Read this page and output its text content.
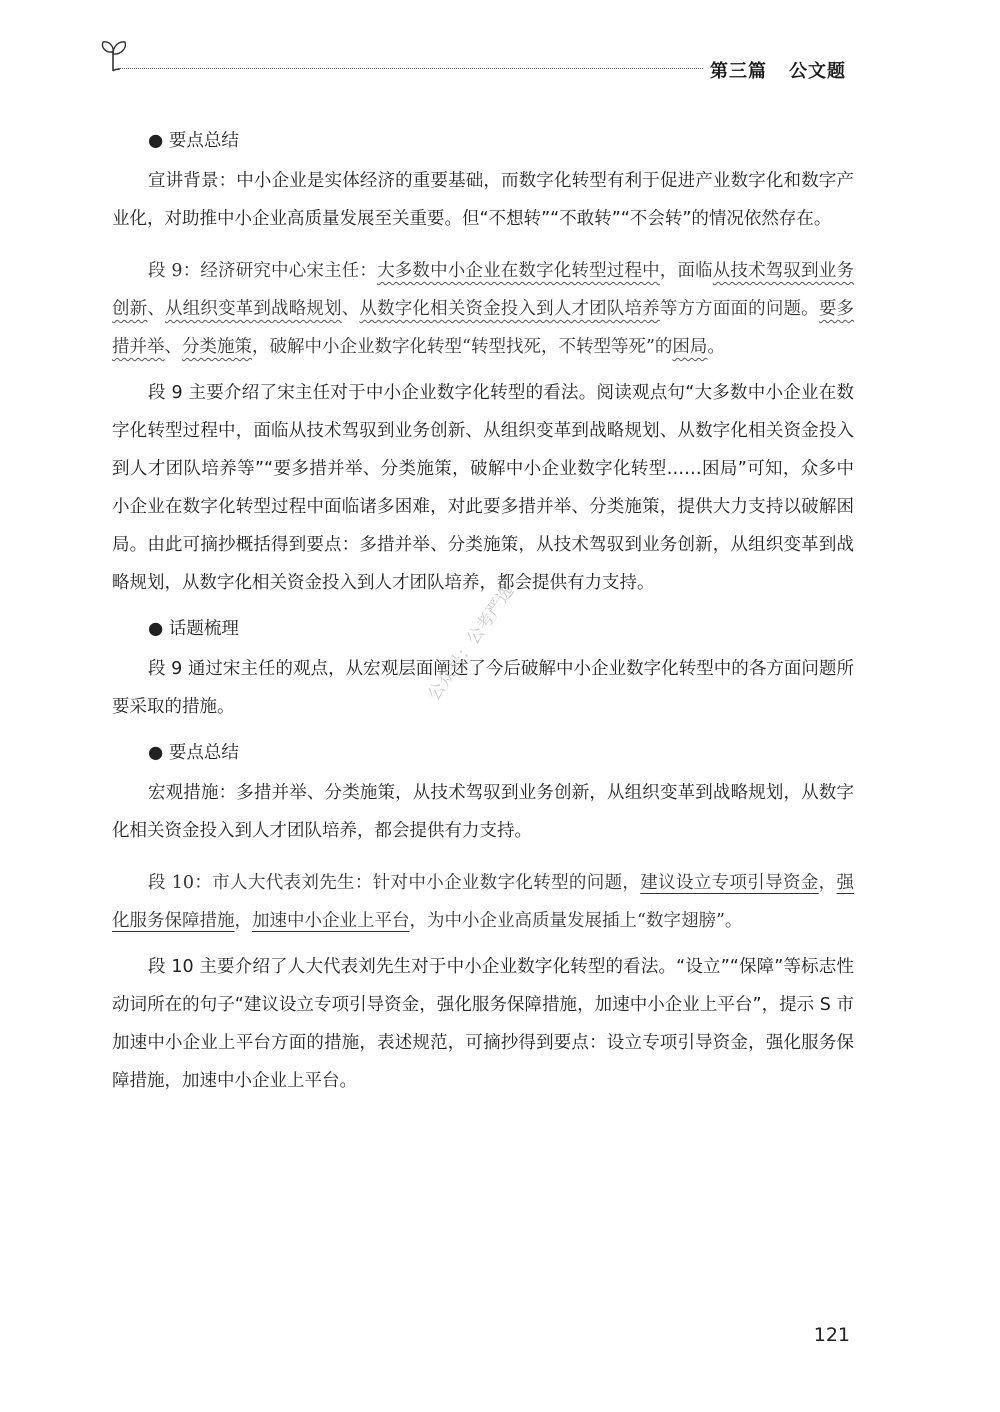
第三篇 公文题

● 要点总结

宣讲背景：中小企业是实体经济的重要基础，而数字化转型有利于促进产业数字化和数字产业化，对助推中小企业高质量发展至关重要。但“不想转”“不敢转”“不会转”的情况依然存在。

段 9：经济研究中心宋主任：大多数中小企业在数字化转型过程中，面临从技术驾驭到业务创新、从组织变革到战略规划、从数字化相关资金投入到人才团队培养等方方面面的问题。要多措并举、分类施策，破解中小企业数字化转型“转型找死，不转型等死”的困局。

段 9 主要介绍了宋主任对于中小企业数字化转型的看法。阅读观点句“大多数中小企业在数字化转型过程中，面临从技术驾驭到业务创新、从组织变革到战略规划、从数字化相关资金投入到人才团队培养等”“要多措并举、分类施策，破解中小企业数字化转型……困局”可知，众多中小企业在数字化转型过程中面临诸多困难，对此要多措并举、分类施策，提供大力支持以破解困局。由此可摘抄概括得到要点：多措并举、分类施策，从技术驾驭到业务创新，从组织变革到战略规划，从数字化相关资金投入到人才团队培养，都会提供有力支持。

● 话题梳理

段 9 通过宋主任的观点，从宏观层面阐述了今后破解中小企业数字化转型中的各方面问题所要采取的措施。

● 要点总结

宏观措施：多措并举、分类施策，从技术驾驭到业务创新，从组织变革到战略规划，从数字化相关资金投入到人才团队培养，都会提供有力支持。

段 10：市人大代表刘先生：针对中小企业数字化转型的问题，建议设立专项引导资金，强化服务保障措施，加速中小企业上平台，为中小企业高质量发展插上“数字翅膀”。

段 10 主要介绍了人大代表刘先生对于中小企业数字化转型的看法。“设立”“保障”等标志性动词所在的句子“建议设立专项引导资金，强化服务保障措施，加速中小企业上平台”，提示 S 市加速中小企业上平台方面的措施，表述规范，可摘抄得到要点：设立专项引导资金，强化服务保障措施，加速中小企业上平台。

公众号：公考严选
121
